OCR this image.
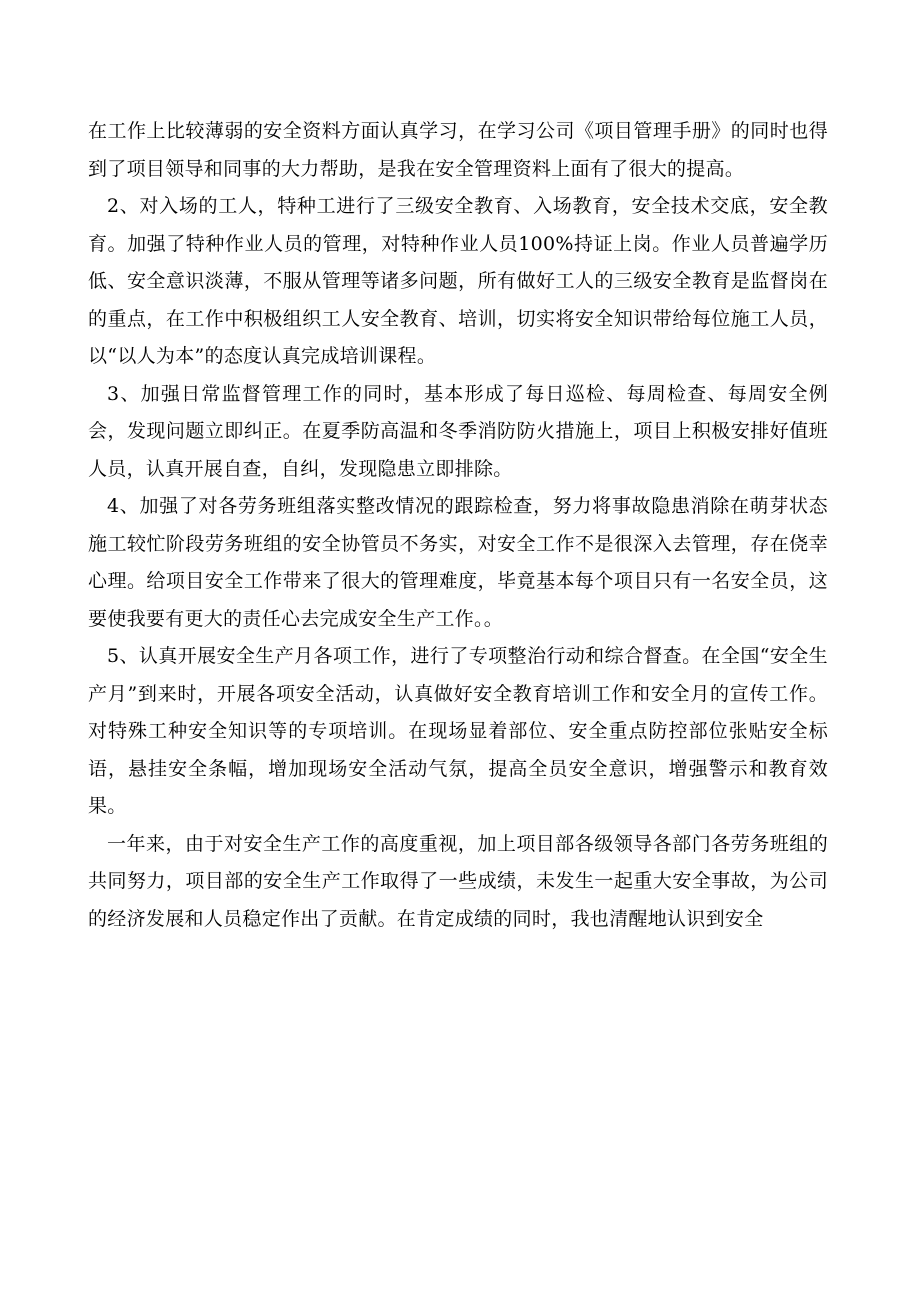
在工作上比较薄弱的安全资料方面认真学习，在学习公司《项目管理手册》的同时也得到了项目领导和同事的大力帮助，是我在安全管理资料上面有了很大的提高。

2、对入场的工人，特种工进行了三级安全教育、入场教育，安全技术交底，安全教育。加强了特种作业人员的管理，对特种作业人员100%持证上岗。作业人员普遍学历低、安全意识淡薄，不服从管理等诸多问题，所有做好工人的三级安全教育是监督岗在的重点，在工作中积极组织工人安全教育、培训，切实将安全知识带给每位施工人员，以“以人为本”的态度认真完成培训课程。

3、加强日常监督管理工作的同时，基本形成了每日巡检、每周检查、每周安全例会，发现问题立即纠正。在夏季防高温和冬季消防防火措施上，项目上积极安排好值班人员，认真开展自查，自纠，发现隐患立即排除。

4、加强了对各劳务班组落实整改情况的跟踪检查，努力将事故隐患消除在萌芽状态施工较忙阶段劳务班组的安全协管员不务实，对安全工作不是很深入去管理，存在侥幸心理。给项目安全工作带来了很大的管理难度，毕竟基本每个项目只有一名安全员，这要使我要有更大的责任心去完成安全生产工作。。

5、认真开展安全生产月各项工作，进行了专项整治行动和综合督查。在全国“安全生产月”到来时，开展各项安全活动，认真做好安全教育培训工作和安全月的宣传工作。对特殊工种安全知识等的专项培训。在现场显着部位、安全重点防控部位张贴安全标语，悬挂安全条幅，增加现场安全活动气氛，提高全员安全意识，增强警示和教育效果。

一年来，由于对安全生产工作的高度重视，加上项目部各级领导各部门各劳务班组的共同努力，项目部的安全生产工作取得了一些成绩，未发生一起重大安全事故，为公司的经济发展和人员稳定作出了贡献。在肯定成绩的同时，我也清醒地认识到安全
